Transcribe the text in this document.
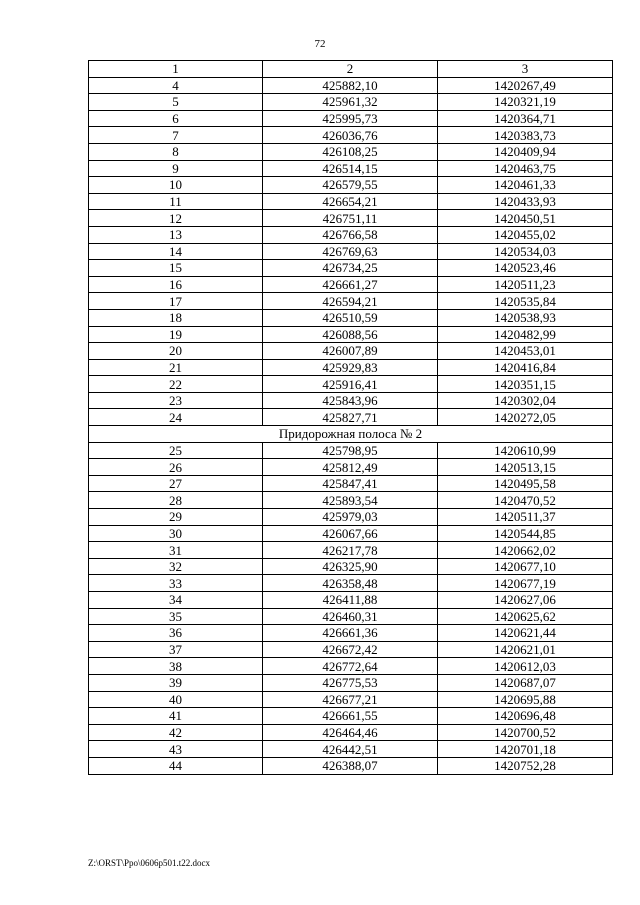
72
1	2	3
4	425882,10	1420267,49
5	425961,32	1420321,19
6	425995,73	1420364,71
7	426036,76	1420383,73
8	426108,25	1420409,94
9	426514,15	1420463,75
10	426579,55	1420461,33
11	426654,21	1420433,93
12	426751,11	1420450,51
13	426766,58	1420455,02
14	426769,63	1420534,03
15	426734,25	1420523,46
16	426661,27	1420511,23
17	426594,21	1420535,84
18	426510,59	1420538,93
19	426088,56	1420482,99
20	426007,89	1420453,01
21	425929,83	1420416,84
22	425916,41	1420351,15
23	425843,96	1420302,04
24	425827,71	1420272,05
Придорожная полоса № 2		
25	425798,95	1420610,99
26	425812,49	1420513,15
27	425847,41	1420495,58
28	425893,54	1420470,52
29	425979,03	1420511,37
30	426067,66	1420544,85
31	426217,78	1420662,02
32	426325,90	1420677,10
33	426358,48	1420677,19
34	426411,88	1420627,06
35	426460,31	1420625,62
36	426661,36	1420621,44
37	426672,42	1420621,01
38	426772,64	1420612,03
39	426775,53	1420687,07
40	426677,21	1420695,88
41	426661,55	1420696,48
42	426464,46	1420700,52
43	426442,51	1420701,18
44	426388,07	1420752,28
Z:\ORST\Ppo\0606p501.t22.docx
